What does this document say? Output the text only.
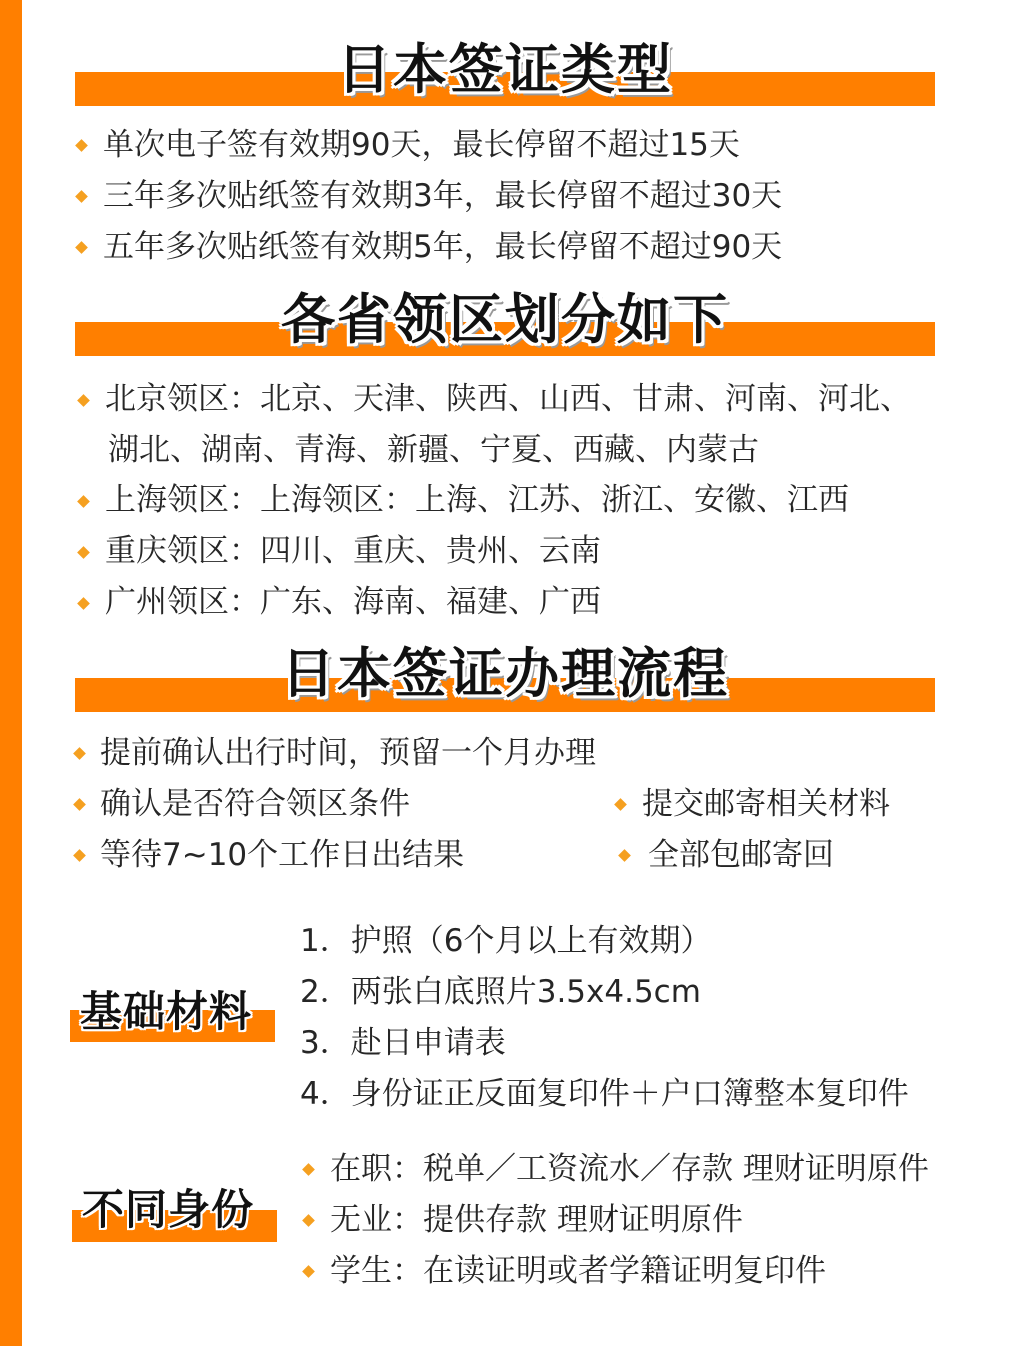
日本签证类型
单次电子签有效期90天，最长停留不超过15天
三年多次贴纸签有效期3年，最长停留不超过30天
五年多次贴纸签有效期5年，最长停留不超过90天
各省领区划分如下
北京领区：北京、天津、陕西、山西、甘肃、河南、河北、
湖北、湖南、青海、新疆、宁夏、西藏、内蒙古
上海领区：上海领区：上海、江苏、浙江、安徽、江西
重庆领区：四川、重庆、贵州、云南
广州领区：广东、海南、福建、广西
日本签证办理流程
提前确认出行时间，预留一个月办理
确认是否符合领区条件	提交邮寄相关材料
等待7~10个工作日出结果	全部包邮寄回
基础材料
1．护照（6个月以上有效期）
2．两张白底照片3.5x4.5cm
3．赴日申请表
4．身份证正反面复印件＋户口簿整本复印件
不同身份
在职：税单／工资流水／存款 理财证明原件
无业：提供存款 理财证明原件
学生：在读证明或者学籍证明复印件
